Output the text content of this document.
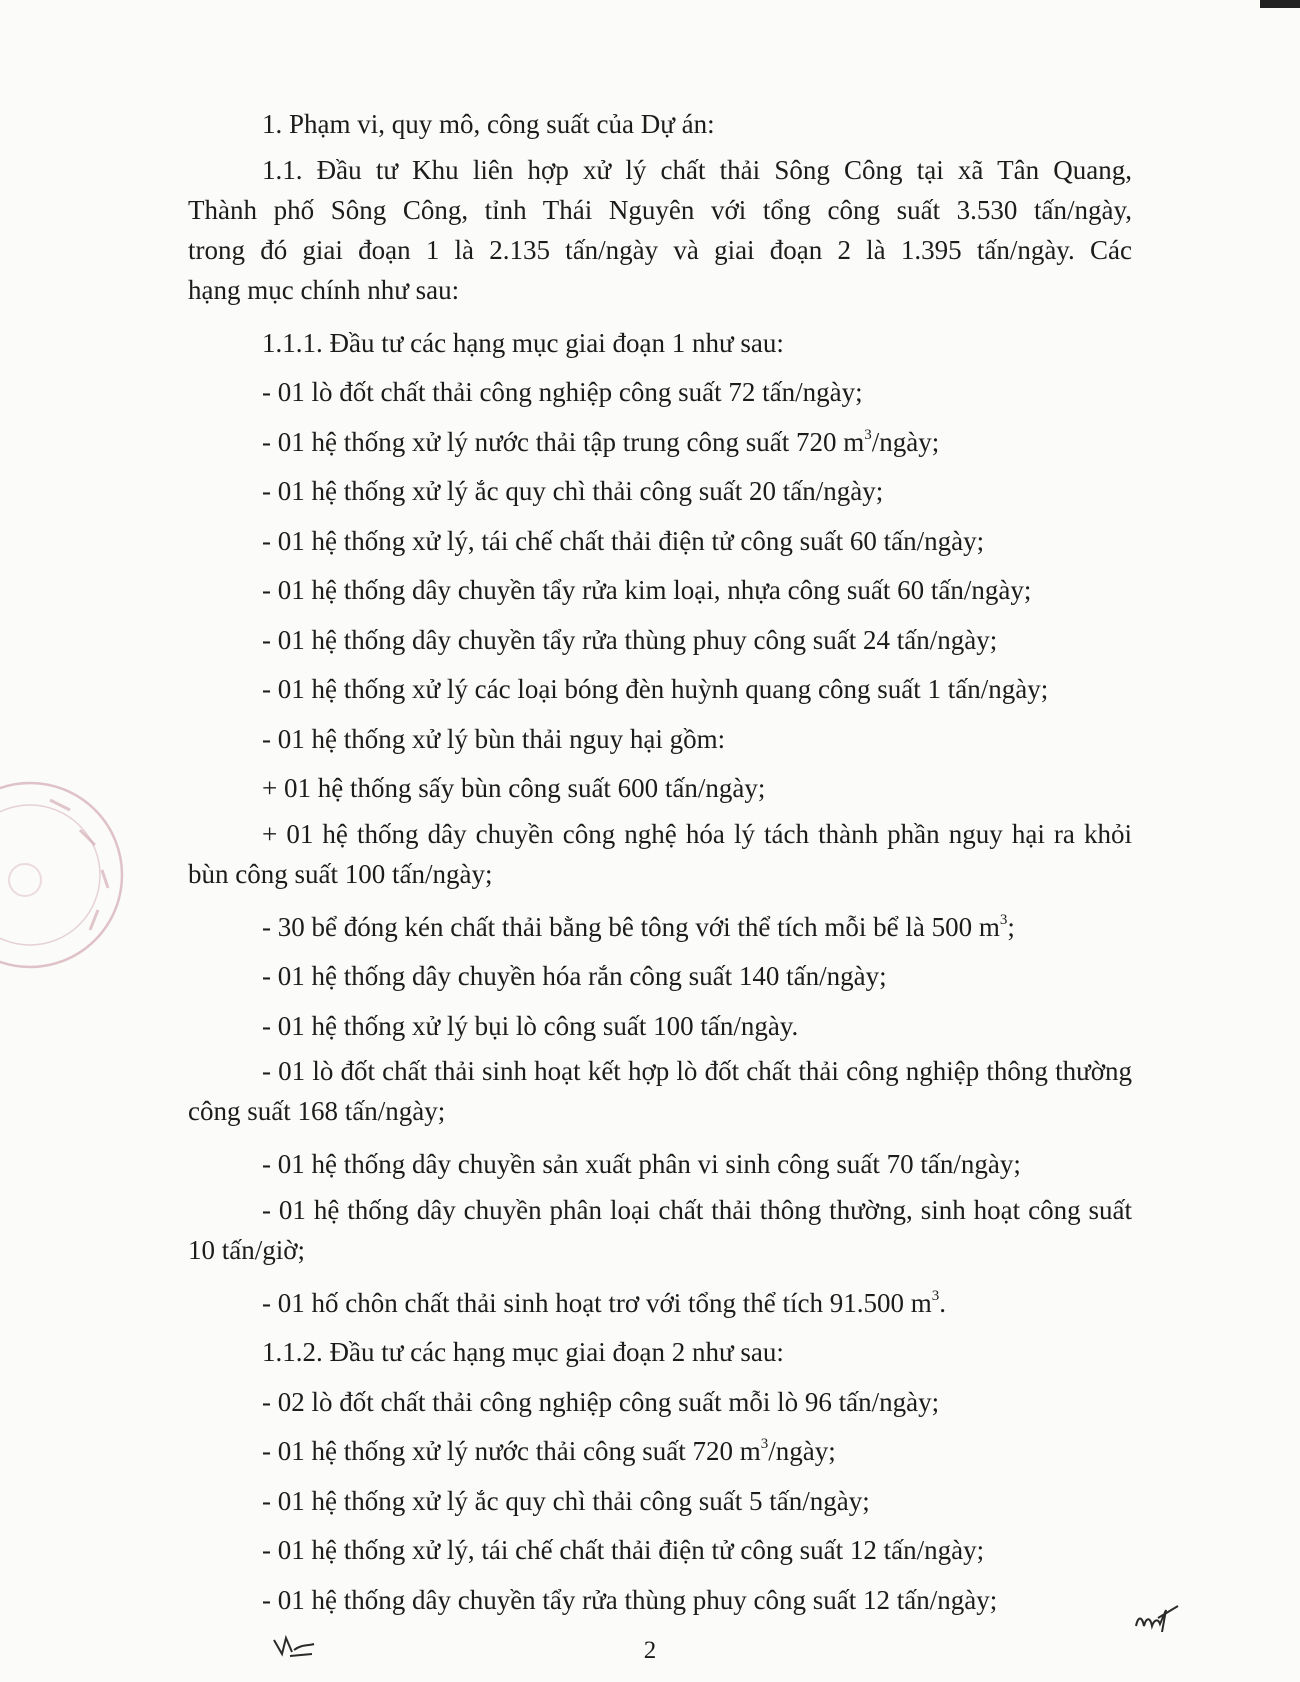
1. Phạm vi, quy mô, công suất của Dự án:

1.1. Đầu tư Khu liên hợp xử lý chất thải Sông Công tại xã Tân Quang,

Thành phố Sông Công, tỉnh Thái Nguyên với tổng công suất 3.530 tấn/ngày,

trong đó giai đoạn 1 là 2.135 tấn/ngày và giai đoạn 2 là 1.395 tấn/ngày. Các

hạng mục chính như sau:

1.1.1. Đầu tư các hạng mục giai đoạn 1 như sau:

- 01 lò đốt chất thải công nghiệp công suất 72 tấn/ngày;

- 01 hệ thống xử lý nước thải tập trung công suất 720 $m^3$/ngày;

- 01 hệ thống xử lý ắc quy chì thải công suất 20 tấn/ngày;

- 01 hệ thống xử lý, tái chế chất thải điện tử công suất 60 tấn/ngày;

- 01 hệ thống dây chuyền tẩy rửa kim loại, nhựa công suất 60 tấn/ngày;

- 01 hệ thống dây chuyền tẩy rửa thùng phuy công suất 24 tấn/ngày;

- 01 hệ thống xử lý các loại bóng đèn huỳnh quang công suất 1 tấn/ngày;

- 01 hệ thống xử lý bùn thải nguy hại gồm:

+ 01 hệ thống sấy bùn công suất 600 tấn/ngày;

+ 01 hệ thống dây chuyền công nghệ hóa lý tách thành phần nguy hại ra khỏi bùn công suất 100 tấn/ngày;

- 30 bể đóng kén chất thải bằng bê tông với thể tích mỗi bể là 500 $m^3$;

- 01 hệ thống dây chuyền hóa rắn công suất 140 tấn/ngày;

- 01 hệ thống xử lý bụi lò công suất 100 tấn/ngày.

- 01 lò đốt chất thải sinh hoạt kết hợp lò đốt chất thải công nghiệp thông thường công suất 168 tấn/ngày;

- 01 hệ thống dây chuyền sản xuất phân vi sinh công suất 70 tấn/ngày;

- 01 hệ thống dây chuyền phân loại chất thải thông thường, sinh hoạt công suất 10 tấn/giờ;

- 01 hố chôn chất thải sinh hoạt trơ với tổng thể tích 91.500 $m^3$.

1.1.2. Đầu tư các hạng mục giai đoạn 2 như sau:

- 02 lò đốt chất thải công nghiệp công suất mỗi lò 96 tấn/ngày;

- 01 hệ thống xử lý nước thải công suất 720 $m^3$/ngày;

- 01 hệ thống xử lý ắc quy chì thải công suất 5 tấn/ngày;

- 01 hệ thống xử lý, tái chế chất thải điện tử công suất 12 tấn/ngày;

- 01 hệ thống dây chuyền tẩy rửa thùng phuy công suất 12 tấn/ngày;

2
